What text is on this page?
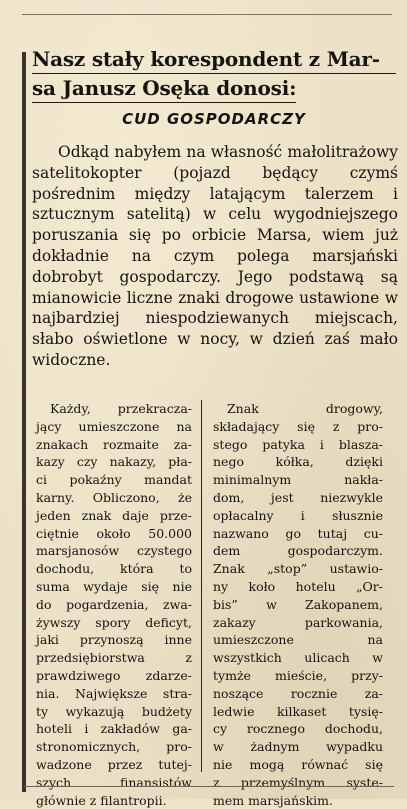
Nasz stały korespondent z Mar-
sa Janusz Osęka donosi:
CUD GOSPODARCZY

Odkąd nabyłem na własność małolitrażowy satelitokopter (pojazd będący czymś pośrednim między latającym talerzem i sztucznym satelitą) w celu wygodniejszego poruszania się po orbicie Marsa, wiem już dokładnie na czym polega marsjański dobrobyt gospodarczy. Jego podstawą są mianowicie liczne znaki drogowe ustawione w najbardziej niespodziewanych miejscach, słabo oświetlone w nocy, w dzień zaś mało widoczne.

Każdy, przekracza-
jący umieszczone na
znakach rozmaite za-
kazy czy nakazy, pła-
ci pokaźny mandat
karny. Obliczono, że
jeden znak daje prze-
ciętnie około 50.000
marsjanosów czystego
dochodu, która to
suma wydaje się nie
do pogardzenia, zwa-
żywszy spory deficyt,
jaki przynoszą inne
przedsiębiorstwa z
prawdziwego zdarze-
nia. Największe stra-
ty wykazują budżety
hoteli i zakładów ga-
stronomicznych, pro-
wadzone przez tutej-
szych finansistów
głównie z filantropii.
Znak drogowy,
składający się z pro-
stego patyka i blasza-
nego kółka, dzięki
minimalnym nakła-
dom, jest niezwykle
opłacalny i słusznie
nazwano go tutaj cu-
dem gospodarczym.
Znak „stop” ustawio-
ny koło hotelu „Or-
bis” w Zakopanem,
zakazy parkowania,
umieszczone na
wszystkich ulicach w
tymże mieście, przy-
noszące rocznie za-
ledwie kilkaset tysię-
cy rocznego dochodu,
w żadnym wypadku
nie mogą równać się
z przemyślnym syste-
mem marsjańskim.
